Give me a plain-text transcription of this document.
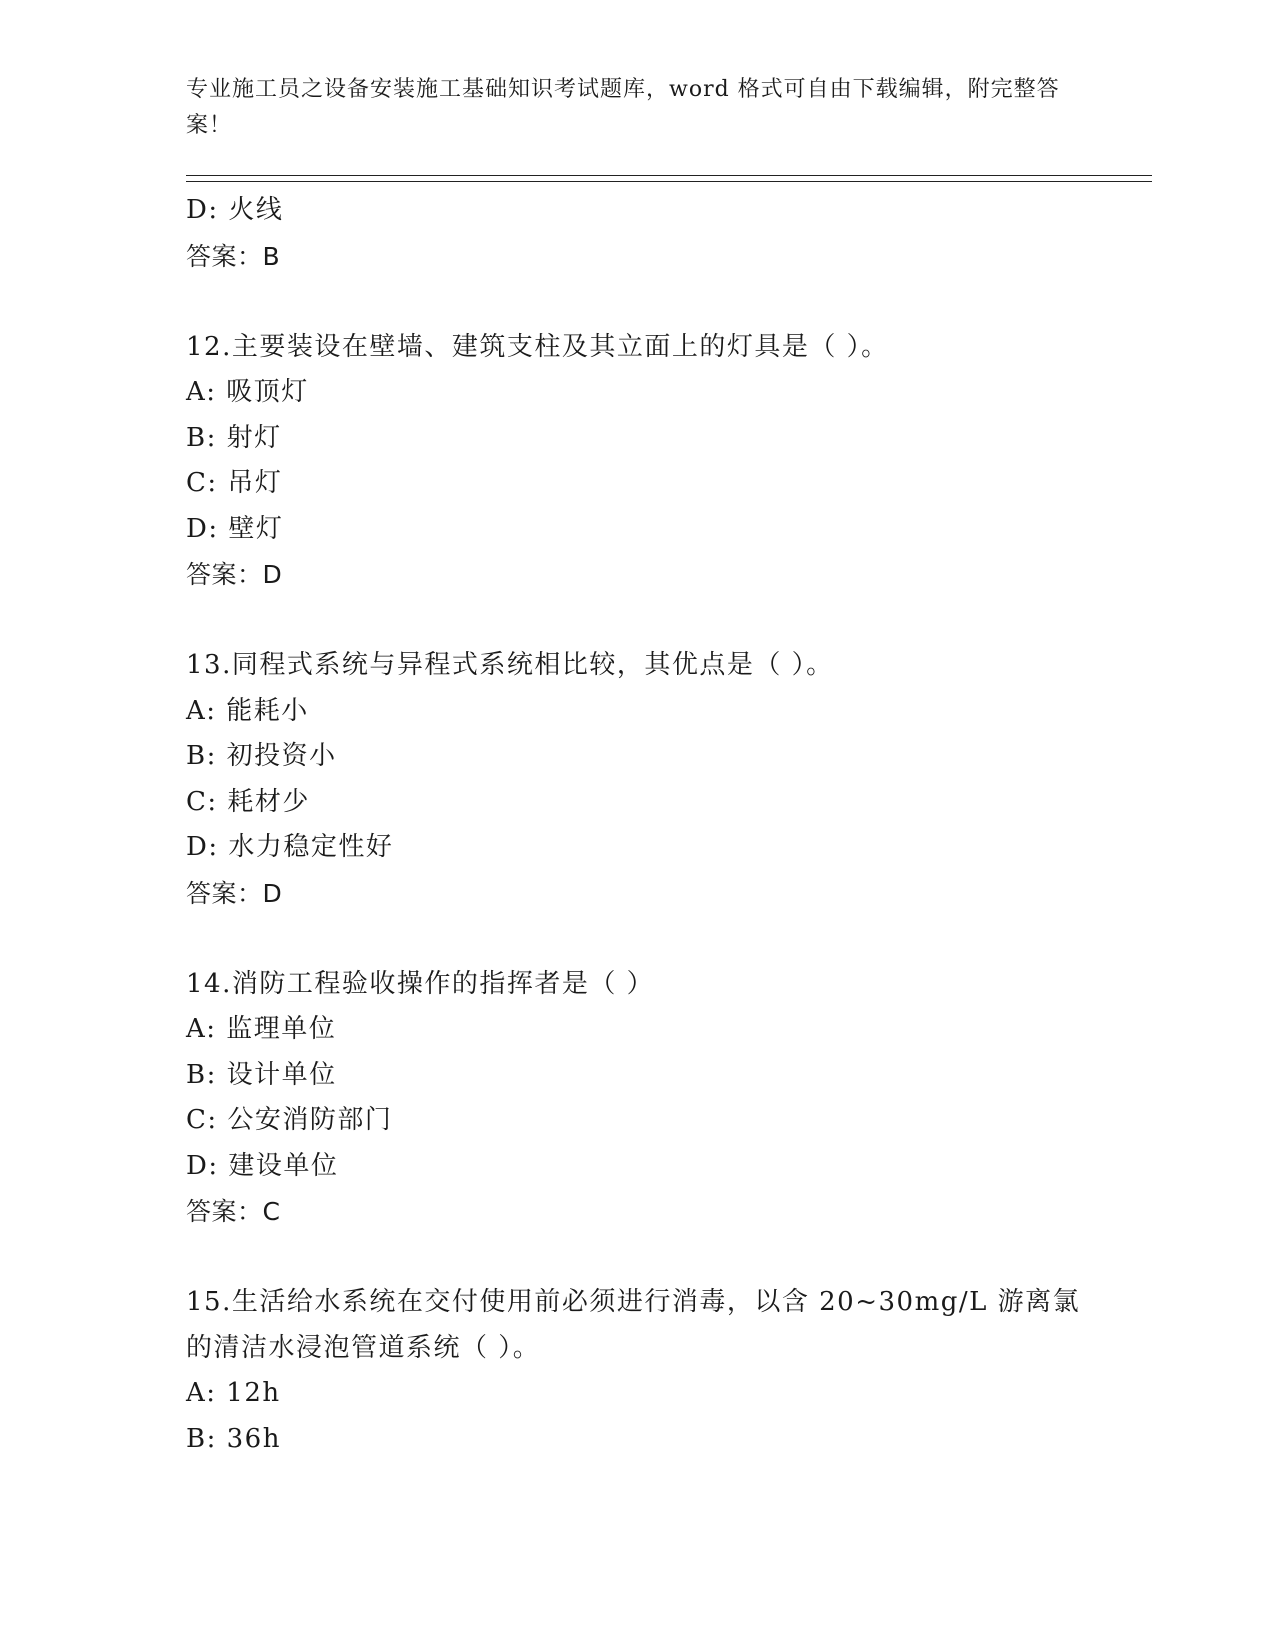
专业施工员之设备安装施工基础知识考试题库，word 格式可自由下载编辑，附完整答案！
D: 火线
答案：B
12.主要装设在壁墙、建筑支柱及其立面上的灯具是（ ）。
A: 吸顶灯
B: 射灯
C: 吊灯
D: 壁灯
答案：D
13.同程式系统与异程式系统相比较，其优点是（ ）。
A: 能耗小
B: 初投资小
C: 耗材少
D: 水力稳定性好
答案：D
14.消防工程验收操作的指挥者是（ ）
A: 监理单位
B: 设计单位
C: 公安消防部门
D: 建设单位
答案：C
15.生活给水系统在交付使用前必须进行消毒，以含 20~30mg/L 游离氯
的清洁水浸泡管道系统（ ）。
A: 12h
B: 36h
